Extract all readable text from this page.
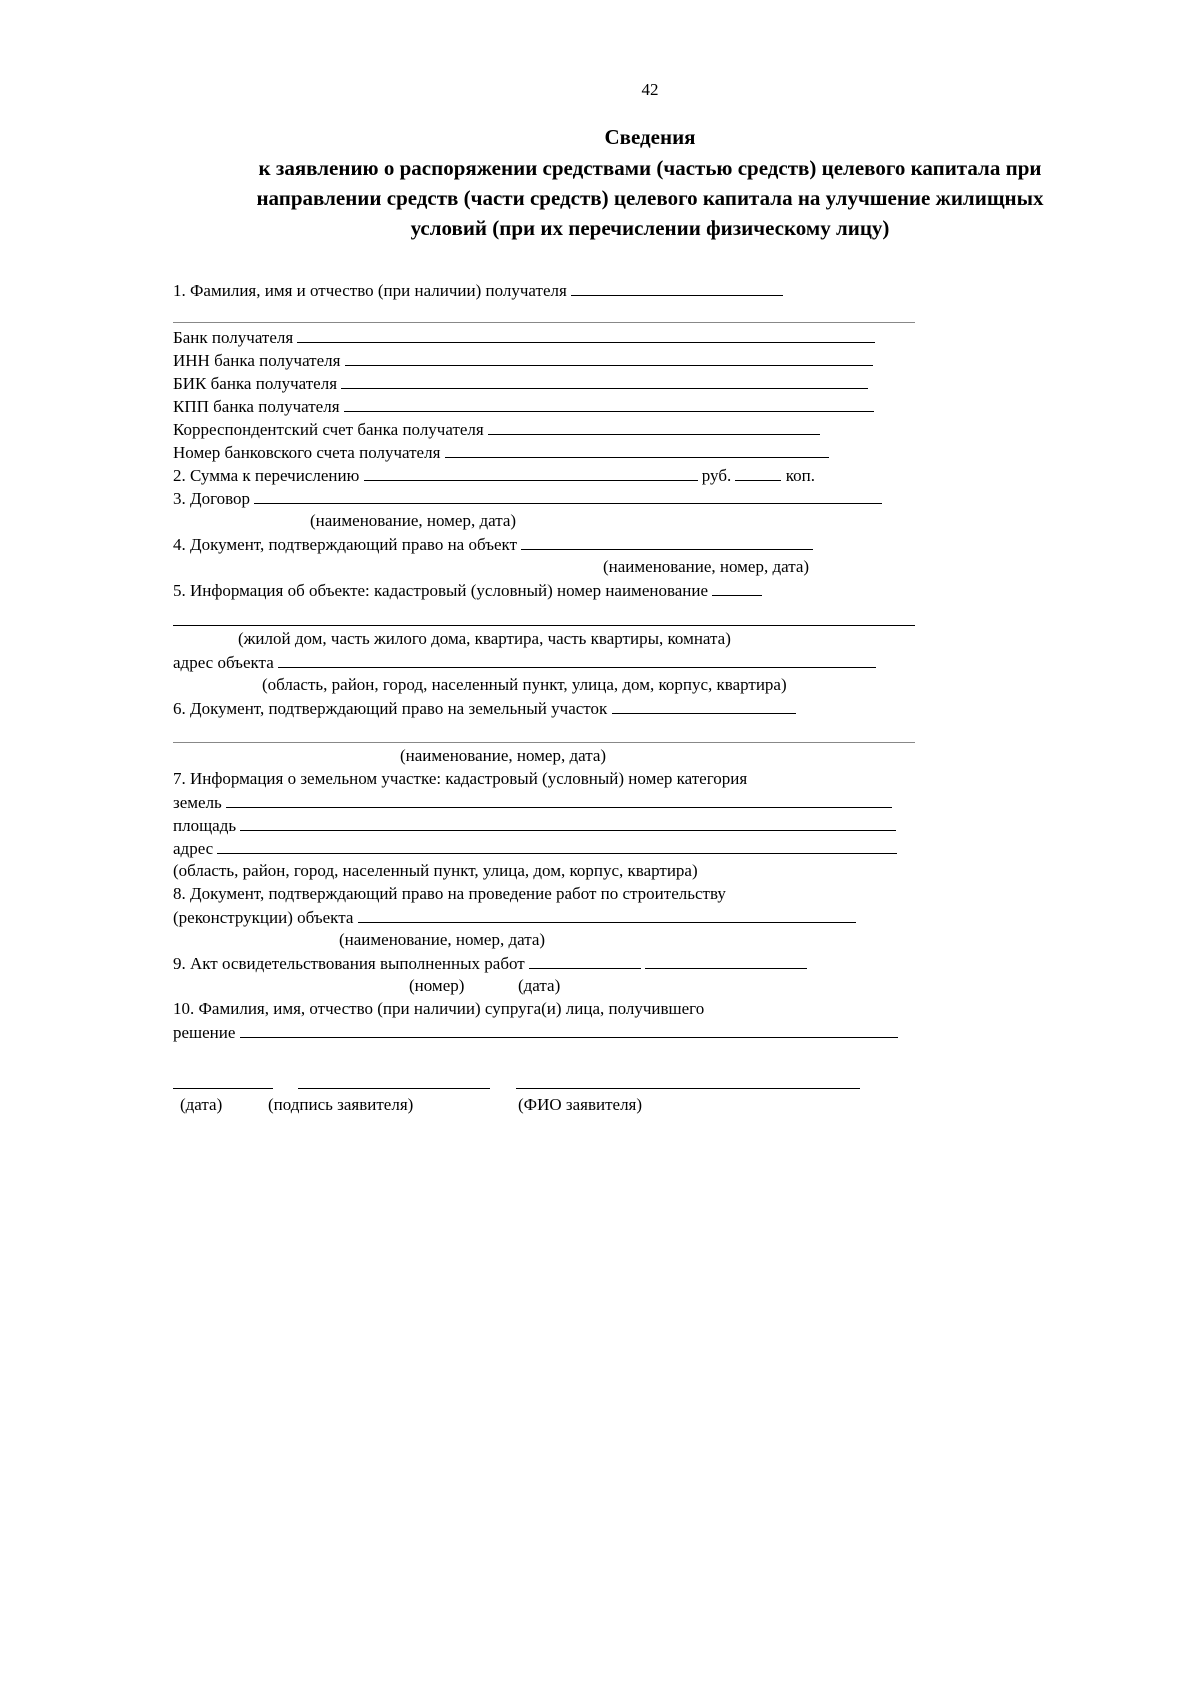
42
Сведения
к заявлению о распоряжении средствами (частью средств) целевого капитала при
направлении средств (части средств) целевого капитала на улучшение жилищных
условий (при их перечислении физическому лицу)
1. Фамилия, имя и отчество (при наличии) получателя
Банк получателя
ИНН банка получателя
БИК банка получателя
КПП банка получателя
Корреспондентский счет банка получателя
Номер банковского счета получателя
2. Сумма к перечислению	руб.	коп.
3. Договор
(наименование, номер, дата)
4. Документ, подтверждающий право на объект
(наименование, номер, дата)
5. Информация об объекте: кадастровый (условный) номер наименование
(жилой дом, часть жилого дома, квартира, часть квартиры, комната)
адрес объекта
(область, район, город, населенный пункт, улица, дом, корпус, квартира)
6. Документ, подтверждающий право на земельный участок
(наименование, номер, дата)
7. Информация о земельном участке: кадастровый (условный) номер категория
земель
площадь
адрес
(область, район, город, населенный пункт, улица, дом, корпус, квартира)
8. Документ, подтверждающий право на проведение работ по строительству
(реконструкции) объекта
(наименование, номер, дата)
9. Акт освидетельствования выполненных работ
(номер)	(дата)
10. Фамилия, имя, отчество (при наличии) супруга(и) лица, получившего
решение
(дата)	(подпись заявителя)	(ФИО заявителя)
